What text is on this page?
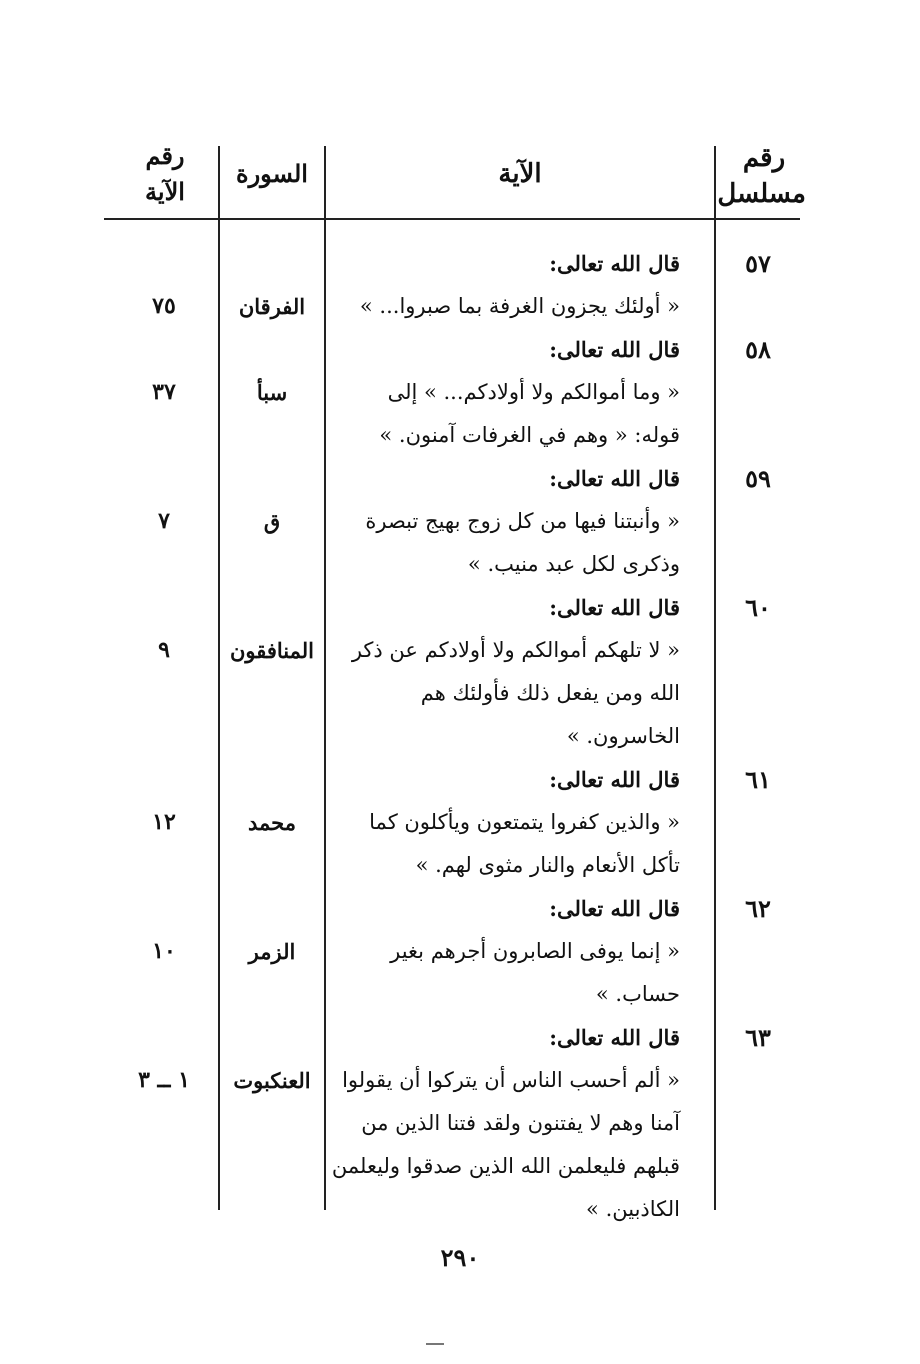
رقم مسلسل
الآية
السورة
رقم الآية
٥٧
قال الله تعالى:
« أولئك يجزون الغرفة بما صبروا... »
الفرقان
٧٥
٥٨
قال الله تعالى:
« وما أموالكم ولا أولادكم... » إلى
قوله: « وهم في الغرفات آمنون. »
سبأ
٣٧
٥٩
قال الله تعالى:
« وأنبتنا فيها من كل زوج بهيج تبصرة
وذكرى لكل عبد منيب. »
ق
٧
٦٠
قال الله تعالى:
« لا تلهكم أموالكم ولا أولادكم عن ذكر
الله ومن يفعل ذلك فأولئك هم
الخاسرون. »
المنافقون
٩
٦١
قال الله تعالى:
« والذين كفروا يتمتعون ويأكلون كما
تأكل الأنعام والنار مثوى لهم. »
محمد
١٢
٦٢
قال الله تعالى:
« إنما يوفى الصابرون أجرهم بغير
حساب. »
الزمر
١٠
٦٣
قال الله تعالى:
« ألم أحسب الناس أن يتركوا أن يقولوا
آمنا وهم لا يفتنون ولقد فتنا الذين من
قبلهم فليعلمن الله الذين صدقوا وليعلمن
الكاذبين. »
العنكبوت
١ ــ ٣
٢٩٠
